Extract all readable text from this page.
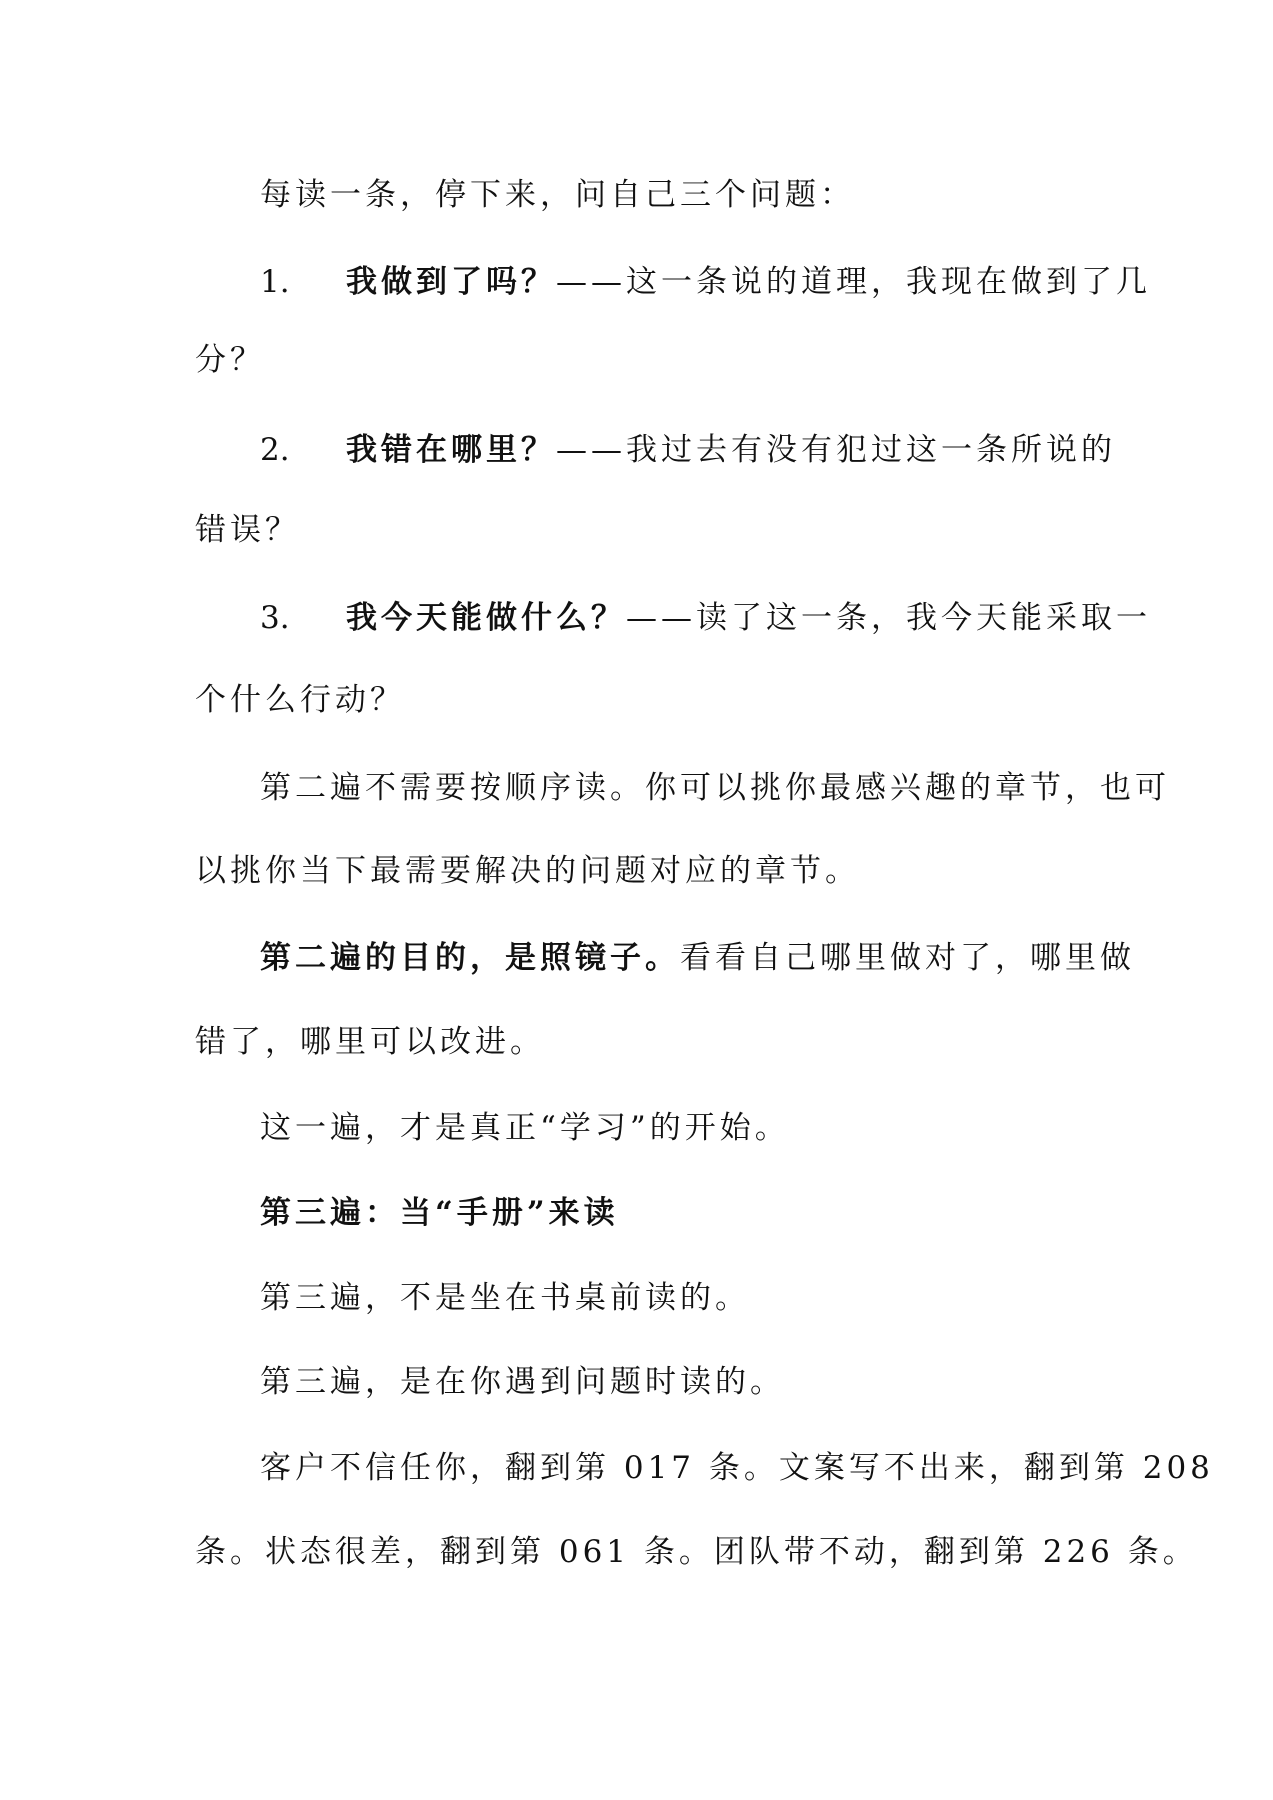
每读一条，停下来，问自己三个问题：
1. 我做到了吗？——这一条说的道理，我现在做到了几
分？
2. 我错在哪里？——我过去有没有犯过这一条所说的
错误？
3. 我今天能做什么？——读了这一条，我今天能采取一
个什么行动？
第二遍不需要按顺序读。你可以挑你最感兴趣的章节，也可
以挑你当下最需要解决的问题对应的章节。
第二遍的目的，是照镜子。看看自己哪里做对了，哪里做
错了，哪里可以改进。
这一遍，才是真正“学习”的开始。
第三遍：当“手册”来读
第三遍，不是坐在书桌前读的。
第三遍，是在你遇到问题时读的。
客户不信任你，翻到第 017 条。文案写不出来，翻到第 208
条。状态很差，翻到第 061 条。团队带不动，翻到第 226 条。
